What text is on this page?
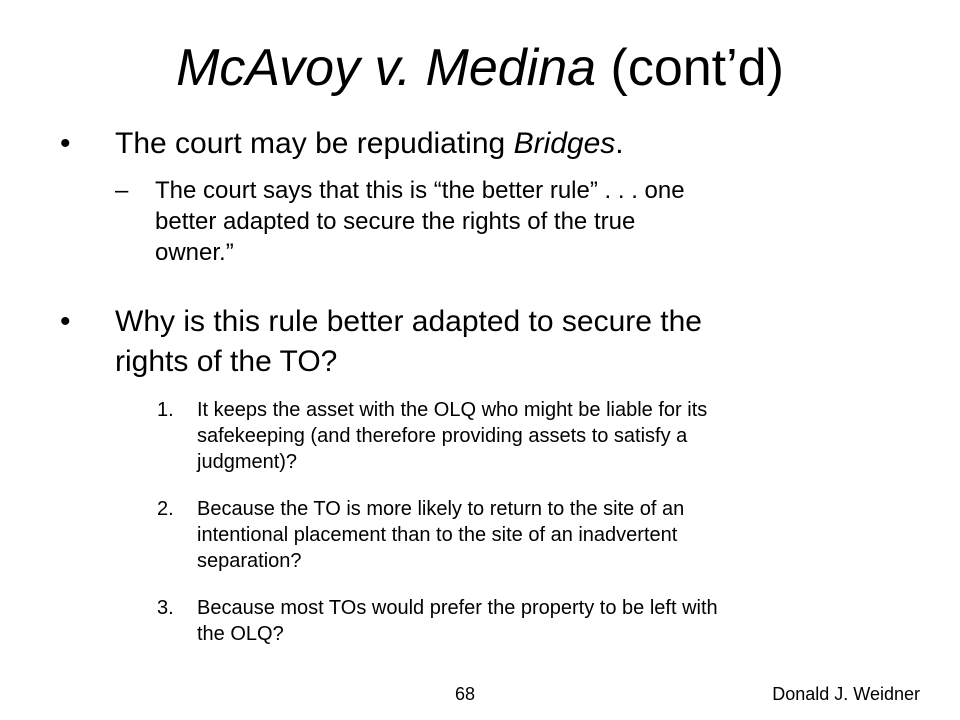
McAvoy v. Medina (cont’d)
•	The court may be repudiating Bridges.
– The court says that this is “the better rule” . . . one
better adapted to secure the rights of the true
owner.”
•	Why is this rule better adapted to secure the
rights of the TO?
1.	It keeps the asset with the OLQ who might be liable for its
safekeeping (and therefore providing assets to satisfy a
judgment)?
2.	Because the TO is more likely to return to the site of an
intentional placement than to the site of an inadvertent
separation?
3.	Because most TOs would prefer the property to be left with
the OLQ?
68	Donald J. Weidner
